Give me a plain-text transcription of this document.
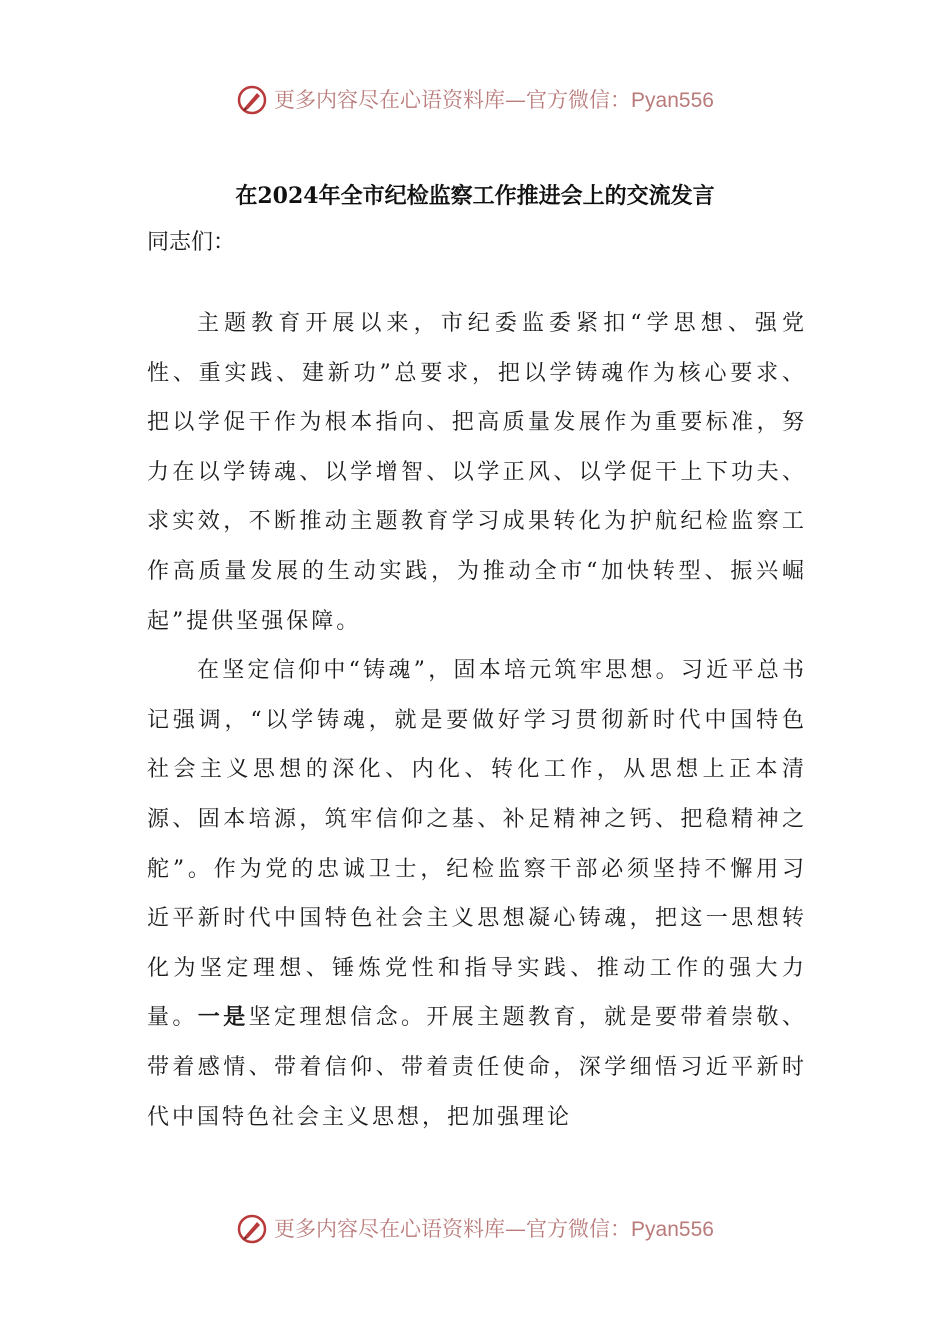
更多内容尽在心语资料库—官方微信：Pyan556
在2024年全市纪检监察工作推进会上的交流发言

同志们：

主题教育开展以来，市纪委监委紧扣“学思想、强党性、重实践、建新功”总要求，把以学铸魂作为核心要求、把以学促干作为根本指向、把高质量发展作为重要标准，努力在以学铸魂、以学增智、以学正风、以学促干上下功夫、求实效，不断推动主题教育学习成果转化为护航纪检监察工作高质量发展的生动实践，为推动全市“加快转型、振兴崛起”提供坚强保障。

在坚定信仰中“铸魂”，固本培元筑牢思想。习近平总书记强调，“以学铸魂，就是要做好学习贯彻新时代中国特色社会主义思想的深化、内化、转化工作，从思想上正本清源、固本培源，筑牢信仰之基、补足精神之钙、把稳精神之舵”。作为党的忠诚卫士，纪检监察干部必须坚持不懈用习近平新时代中国特色社会主义思想凝心铸魂，把这一思想转化为坚定理想、锤炼党性和指导实践、推动工作的强大力量。一是坚定理想信念。开展主题教育，就是要带着崇敬、带着感情、带着信仰、带着责任使命，深学细悟习近平新时代中国特色社会主义思想，把加强理论

更多内容尽在心语资料库—官方微信：Pyan556
